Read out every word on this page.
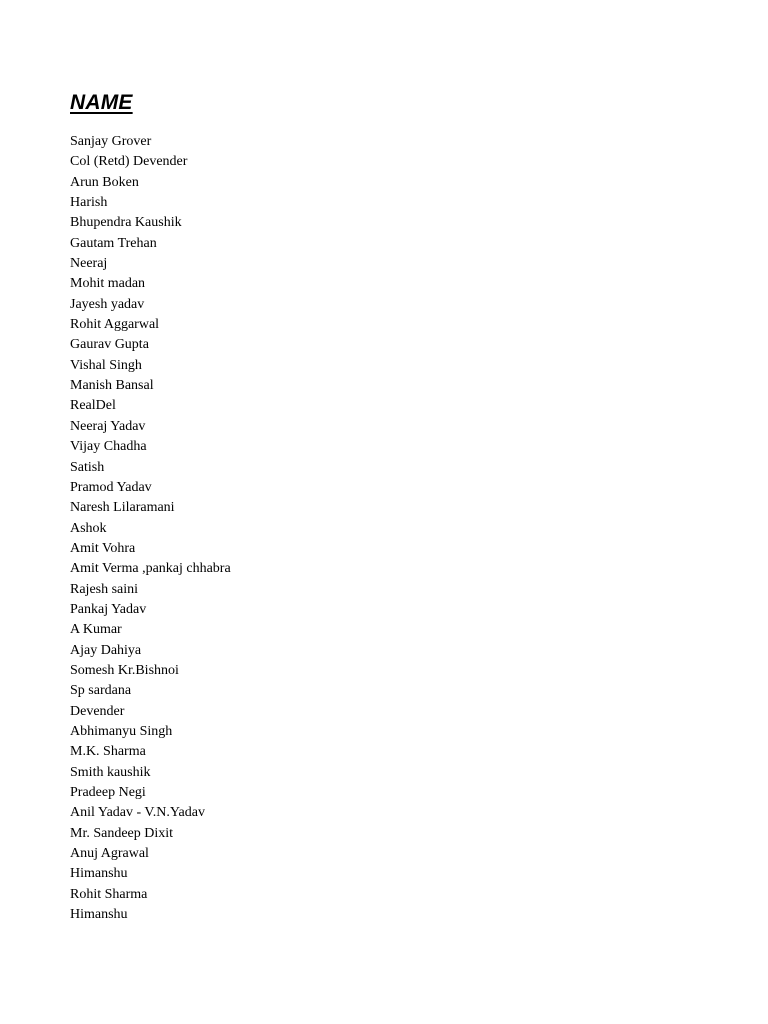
NAME
Sanjay Grover
Col (Retd) Devender
Arun Boken
Harish
Bhupendra Kaushik
Gautam Trehan
Neeraj
Mohit madan
Jayesh yadav
Rohit Aggarwal
Gaurav Gupta
Vishal Singh
Manish Bansal
RealDel
Neeraj Yadav
Vijay Chadha
Satish
Pramod Yadav
Naresh Lilaramani
Ashok
Amit Vohra
Amit Verma ,pankaj chhabra
Rajesh saini
Pankaj Yadav
A Kumar
Ajay Dahiya
Somesh Kr.Bishnoi
Sp sardana
Devender
Abhimanyu Singh
M.K. Sharma
Smith kaushik
Pradeep Negi
Anil Yadav - V.N.Yadav
Mr. Sandeep Dixit
Anuj Agrawal
Himanshu
Rohit Sharma
Himanshu
